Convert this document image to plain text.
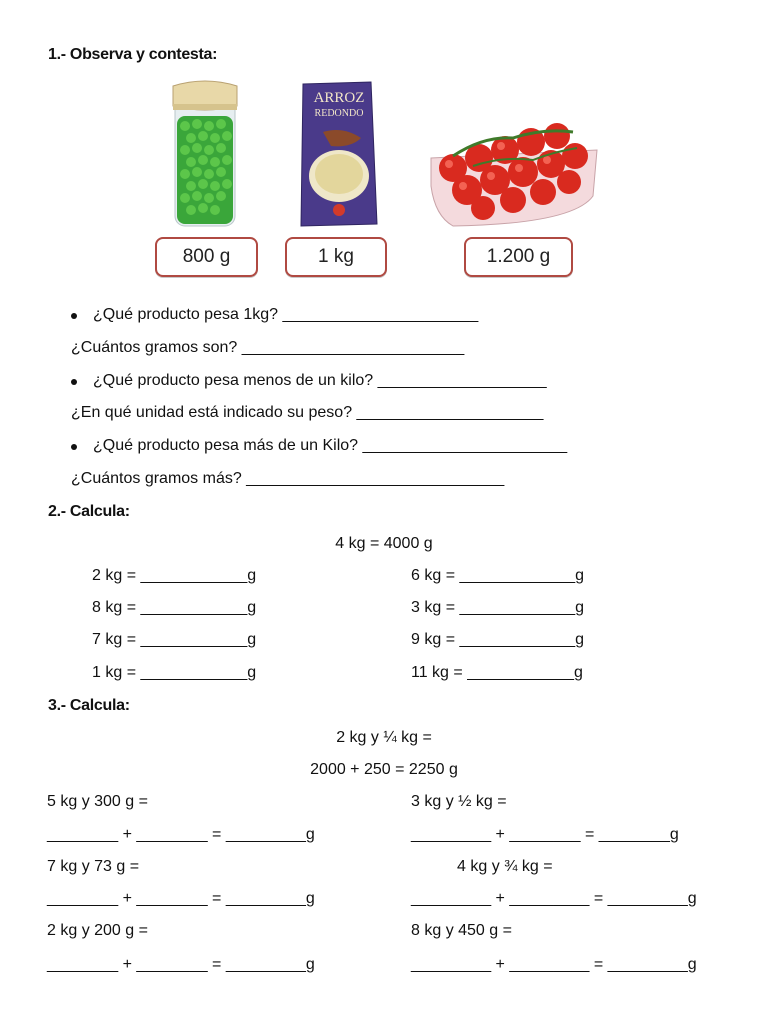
1.- Observa y contesta:
ARROZ
REDONDO
800 g	1 kg	1.200 g
¿Qué producto pesa 1kg? ______________________
¿Cuántos gramos son? _________________________
¿Qué producto pesa menos de un kilo? ___________________
¿En qué unidad está indicado su peso? _____________________
¿Qué producto pesa más de un Kilo? _______________________
¿Cuántos gramos más? _____________________________
2.- Calcula:
4 kg = 4000 g
2 kg = ____________g
8 kg = ____________g
7 kg = ____________g
1 kg = ____________g
6 kg = _____________g
3 kg = _____________g
9 kg = _____________g
11 kg = ____________g
3.- Calcula:
2 kg y ¼ kg =
2000 + 250 = 2250 g
5 kg y 300 g =
________ + ________ = _________g
3 kg y ½ kg =
_________ + ________ = ________g
7 kg y 73 g =
________ + ________ = _________g
4 kg y ¾ kg =
_________ + _________ = _________g
2 kg y 200 g =
________ + ________ = _________g
8 kg y 450 g =
_________ + _________ = _________g
